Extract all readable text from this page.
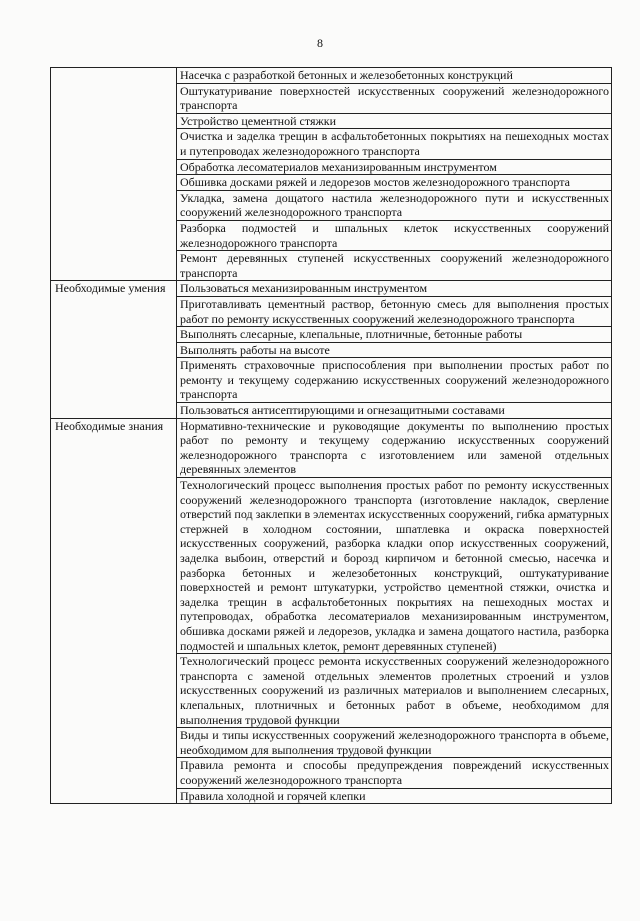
8
	Насечка с разработкой бетонных и железобетонных конструкций
	Оштукатуривание поверхностей искусственных сооружений железнодорожного транспорта
	Устройство цементной стяжки
	Очистка и заделка трещин в асфальтобетонных покрытиях на пешеходных мостах и путепроводах железнодорожного транспорта
	Обработка лесоматериалов механизированным инструментом
	Обшивка досками ряжей и ледорезов мостов железнодорожного транспорта
	Укладка, замена дощатого настила железнодорожного пути и искусственных сооружений железнодорожного транспорта
	Разборка подмостей и шпальных клеток искусственных сооружений железнодорожного транспорта
	Ремонт деревянных ступеней искусственных сооружений железнодорожного транспорта
Необходимые умения	Пользоваться механизированным инструментом
	Приготавливать цементный раствор, бетонную смесь для выполнения простых работ по ремонту искусственных сооружений железнодорожного транспорта
	Выполнять слесарные, клепальные, плотничные, бетонные работы
	Выполнять работы на высоте
	Применять страховочные приспособления при выполнении простых работ по ремонту и текущему содержанию искусственных сооружений железнодорожного транспорта
	Пользоваться антисептирующими и огнезащитными составами
Необходимые знания	Нормативно-технические и руководящие документы по выполнению простых работ по ремонту и текущему содержанию искусственных сооружений железнодорожного транспорта с изготовлением или заменой отдельных деревянных элементов
	Технологический процесс выполнения простых работ по ремонту искусственных сооружений железнодорожного транспорта (изготовление накладок, сверление отверстий под заклепки в элементах искусственных сооружений, гибка арматурных стержней в холодном состоянии, шпатлевка и окраска поверхностей искусственных сооружений, разборка кладки опор искусственных сооружений, заделка выбоин, отверстий и борозд кирпичом и бетонной смесью, насечка и разборка бетонных и железобетонных конструкций, оштукатуривание поверхностей и ремонт штукатурки, устройство цементной стяжки, очистка и заделка трещин в асфальтобетонных покрытиях на пешеходных мостах и путепроводах, обработка лесоматериалов механизированным инструментом, обшивка досками ряжей и ледорезов, укладка и замена дощатого настила, разборка подмостей и шпальных клеток, ремонт деревянных ступеней)
	Технологический процесс ремонта искусственных сооружений железнодорожного транспорта с заменой отдельных элементов пролетных строений и узлов искусственных сооружений из различных материалов и выполнением слесарных, клепальных, плотничных и бетонных работ в объеме, необходимом для выполнения трудовой функции
	Виды и типы искусственных сооружений железнодорожного транспорта в объеме, необходимом для выполнения трудовой функции
	Правила ремонта и способы предупреждения повреждений искусственных сооружений железнодорожного транспорта
	Правила холодной и горячей клепки
